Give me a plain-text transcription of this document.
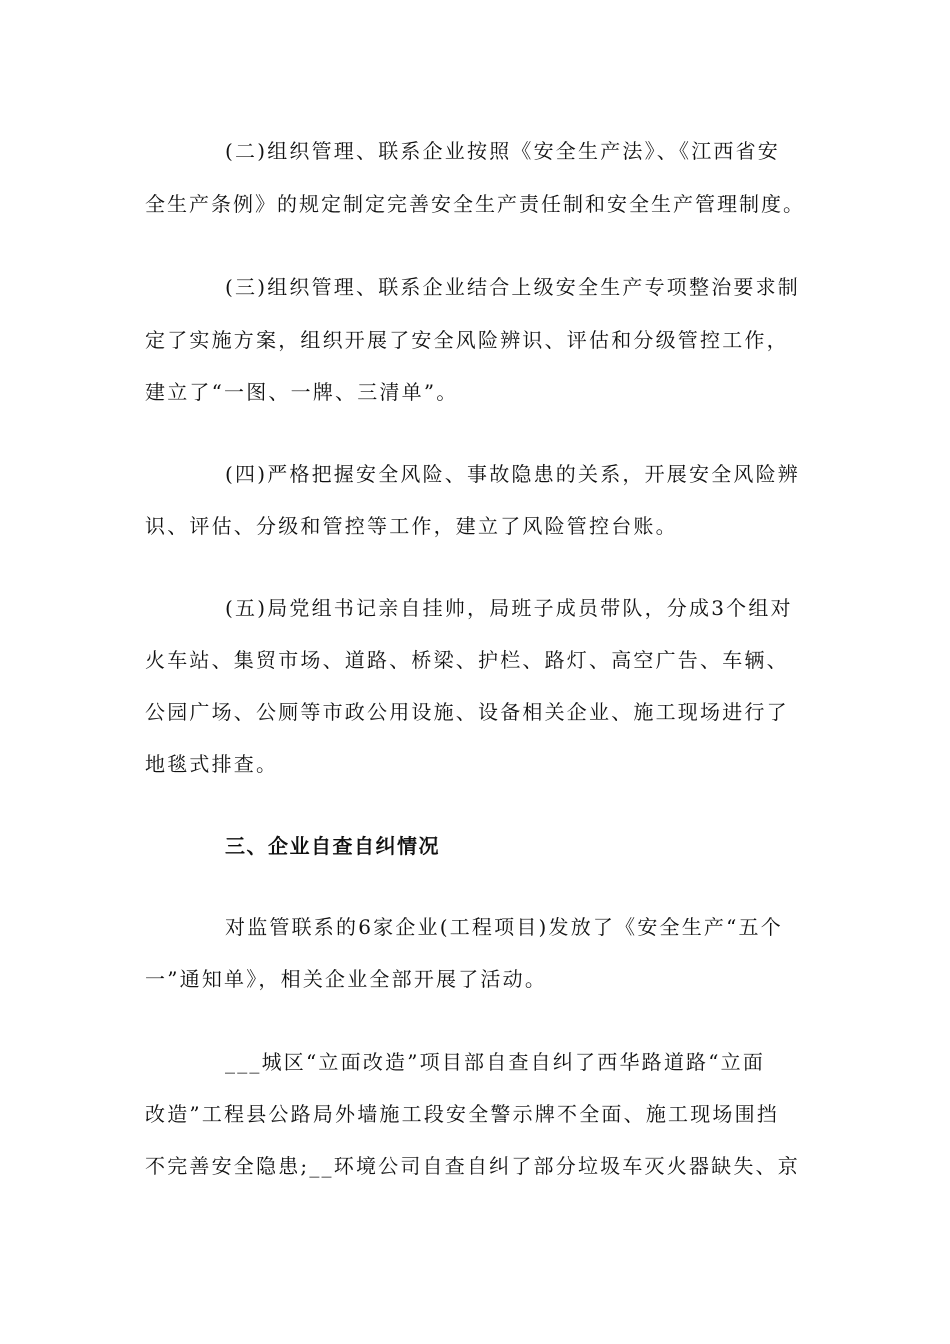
(二)组织管理、联系企业按照《安全生产法》、《江西省安

全生产条例》的规定制定完善安全生产责任制和安全生产管理制度。

(三)组织管理、联系企业结合上级安全生产专项整治要求制

定了实施方案，组织开展了安全风险辨识、评估和分级管控工作，

建立了“一图、一牌、三清单”。

(四)严格把握安全风险、事故隐患的关系，开展安全风险辨

识、评估、分级和管控等工作，建立了风险管控台账。

(五)局党组书记亲自挂帅，局班子成员带队，分成3个组对

火车站、集贸市场、道路、桥梁、护栏、路灯、高空广告、车辆、

公园广场、公厕等市政公用设施、设备相关企业、施工现场进行了

地毯式排查。

三、企业自查自纠情况

对监管联系的6家企业(工程项目)发放了《安全生产“五个

一”通知单》，相关企业全部开展了活动。

___城区“立面改造”项目部自查自纠了西华路道路“立面

改造”工程县公路局外墙施工段安全警示牌不全面、施工现场围挡

不完善安全隐患;__环境公司自查自纠了部分垃圾车灭火器缺失、京
